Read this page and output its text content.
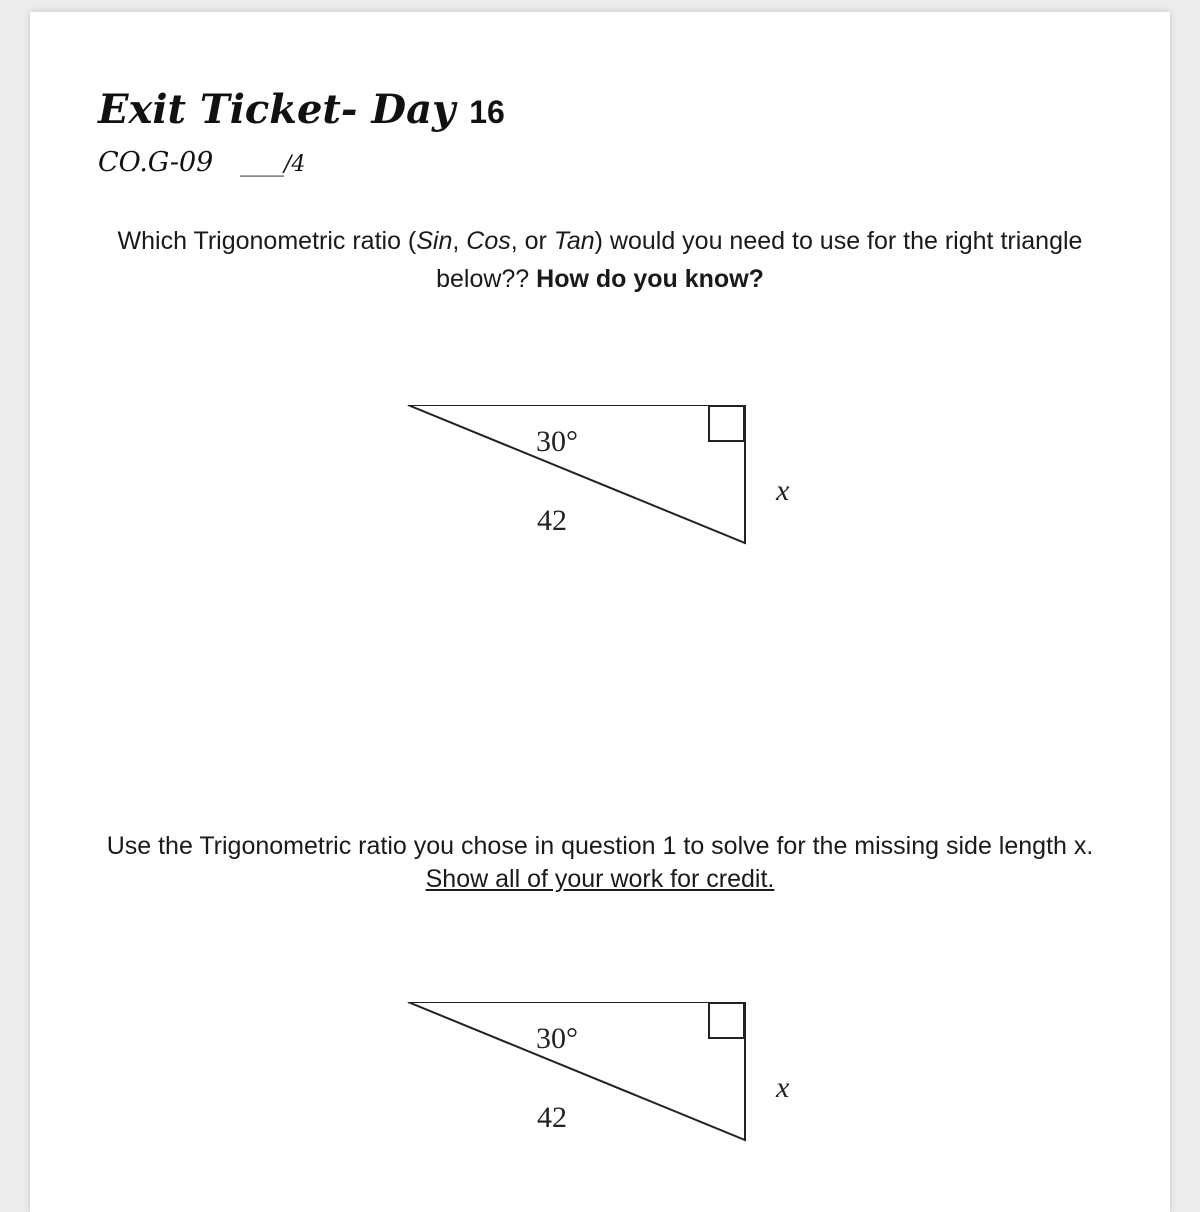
Exit Ticket- Day 16
CO.G-09 ____/4
Which Trigonometric ratio (Sin, Cos, or Tan) would you need to use for the right triangle below?? How do you know?
30°
42
x
Use the Trigonometric ratio you chose in question 1 to solve for the missing side length x. Show all of your work for credit.
30°
42
x
